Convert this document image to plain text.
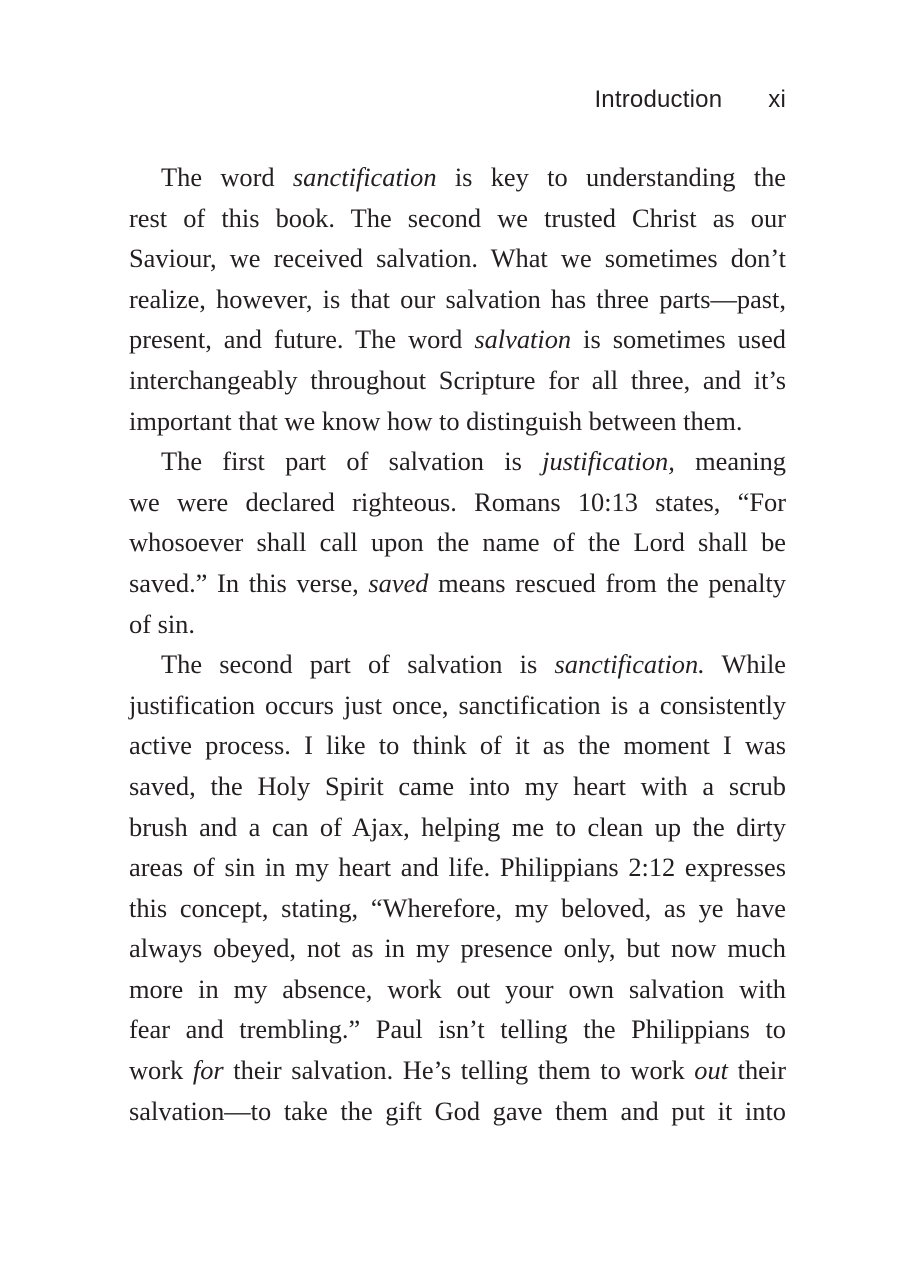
Introduction xi
The word sanctification is key to understanding the
rest of this book. The second we trusted Christ as our
Saviour, we received salvation. What we sometimes don’t
realize, however, is that our salvation has three parts—past,
present, and future. The word salvation is sometimes used
interchangeably throughout Scripture for all three, and it’s
important that we know how to distinguish between them.
The first part of salvation is justification, meaning
we were declared righteous. Romans 10:13 states, “For
whosoever shall call upon the name of the Lord shall be
saved.” In this verse, saved means rescued from the penalty
of sin.
The second part of salvation is sanctification. While
justification occurs just once, sanctification is a consistently
active process. I like to think of it as the moment I was
saved, the Holy Spirit came into my heart with a scrub
brush and a can of Ajax, helping me to clean up the dirty
areas of sin in my heart and life. Philippians 2:12 expresses
this concept, stating, “Wherefore, my beloved, as ye have
always obeyed, not as in my presence only, but now much
more in my absence, work out your own salvation with
fear and trembling.” Paul isn’t telling the Philippians to
work for their salvation. He’s telling them to work out their
salvation—to take the gift God gave them and put it into
